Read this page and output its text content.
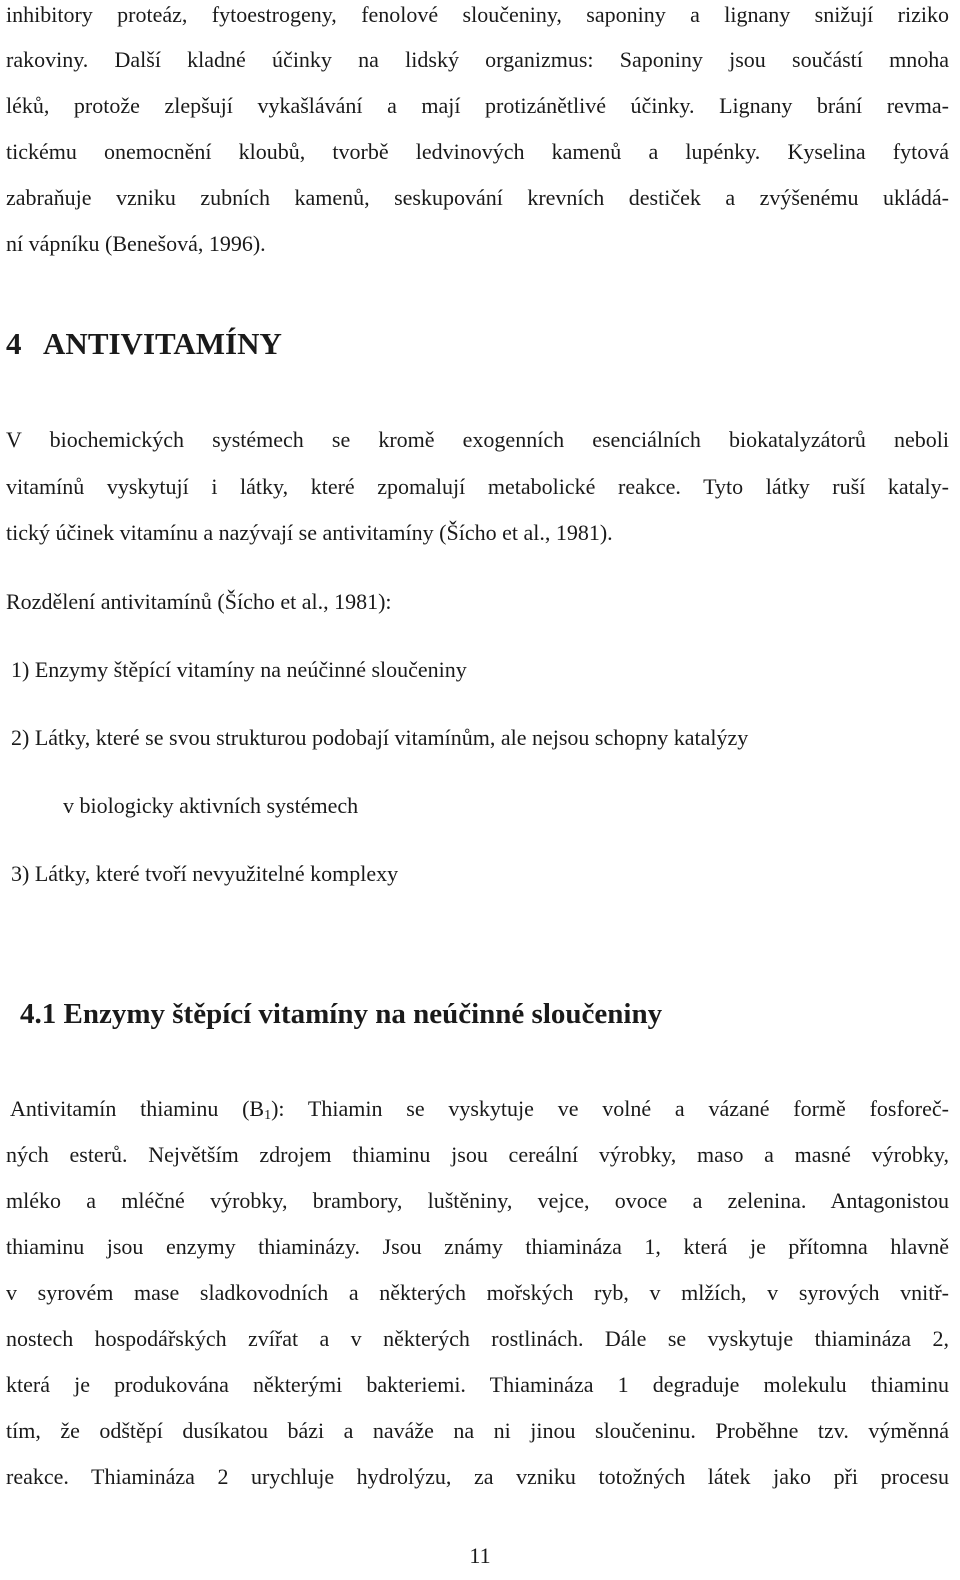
inhibitory proteáz, fytoestrogeny, fenolové sloučeniny, saponiny a lignany snižují riziko
rakoviny. Další kladné účinky na lidský organizmus: Saponiny jsou součástí mnoha
léků, protože zlepšují vykašlávání a mají protizánětlivé účinky. Lignany brání revma-
tickému onemocnění kloubů, tvorbě ledvinových kamenů a lupénky. Kyselina fytová
zabraňuje vzniku zubních kamenů, seskupování krevních destiček a zvýšenému ukládá-
ní vápníku (Benešová, 1996).
4   ANTIVITAMÍNY
V biochemických systémech se kromě exogenních esenciálních biokatalyzátorů neboli
vitamínů vyskytují i látky, které zpomalují metabolické reakce. Tyto látky ruší kataly-
tický účinek vitamínu a nazývají se antivitamíny (Šícho et al., 1981).
Rozdělení antivitamínů (Šícho et al., 1981):
1) Enzymy štěpící vitamíny na neúčinné sloučeniny
2) Látky, které se svou strukturou podobají vitamínům, ale nejsou schopny katalýzy
v biologicky aktivních systémech
3) Látky, které tvoří nevyužitelné komplexy
4.1 Enzymy štěpící vitamíny na neúčinné sloučeniny
Antivitamín thiaminu $(B_1)$: Thiamin se vyskytuje ve volné a vázané formě fosforeč-
ných esterů. Největším zdrojem thiaminu jsou cereální výrobky, maso a masné výrobky,
mléko a mléčné výrobky, brambory, luštěniny, vejce, ovoce a zelenina. Antagonistou
thiaminu jsou enzymy thiaminázy. Jsou známy thiamináza 1, která je přítomna hlavně
v syrovém mase sladkovodních a některých mořských ryb, v mlžích, v syrových vnitř-
nostech hospodářských zvířat a v některých rostlinách. Dále se vyskytuje thiamináza 2,
která je produkována některými bakteriemi. Thiamináza 1 degraduje molekulu thiaminu
tím, že odštěpí dusíkatou bázi a naváže na ni jinou sloučeninu. Proběhne tzv. výměnná
reakce. Thiamináza 2 urychluje hydrolýzu, za vzniku totožných látek jako při procesu
11
